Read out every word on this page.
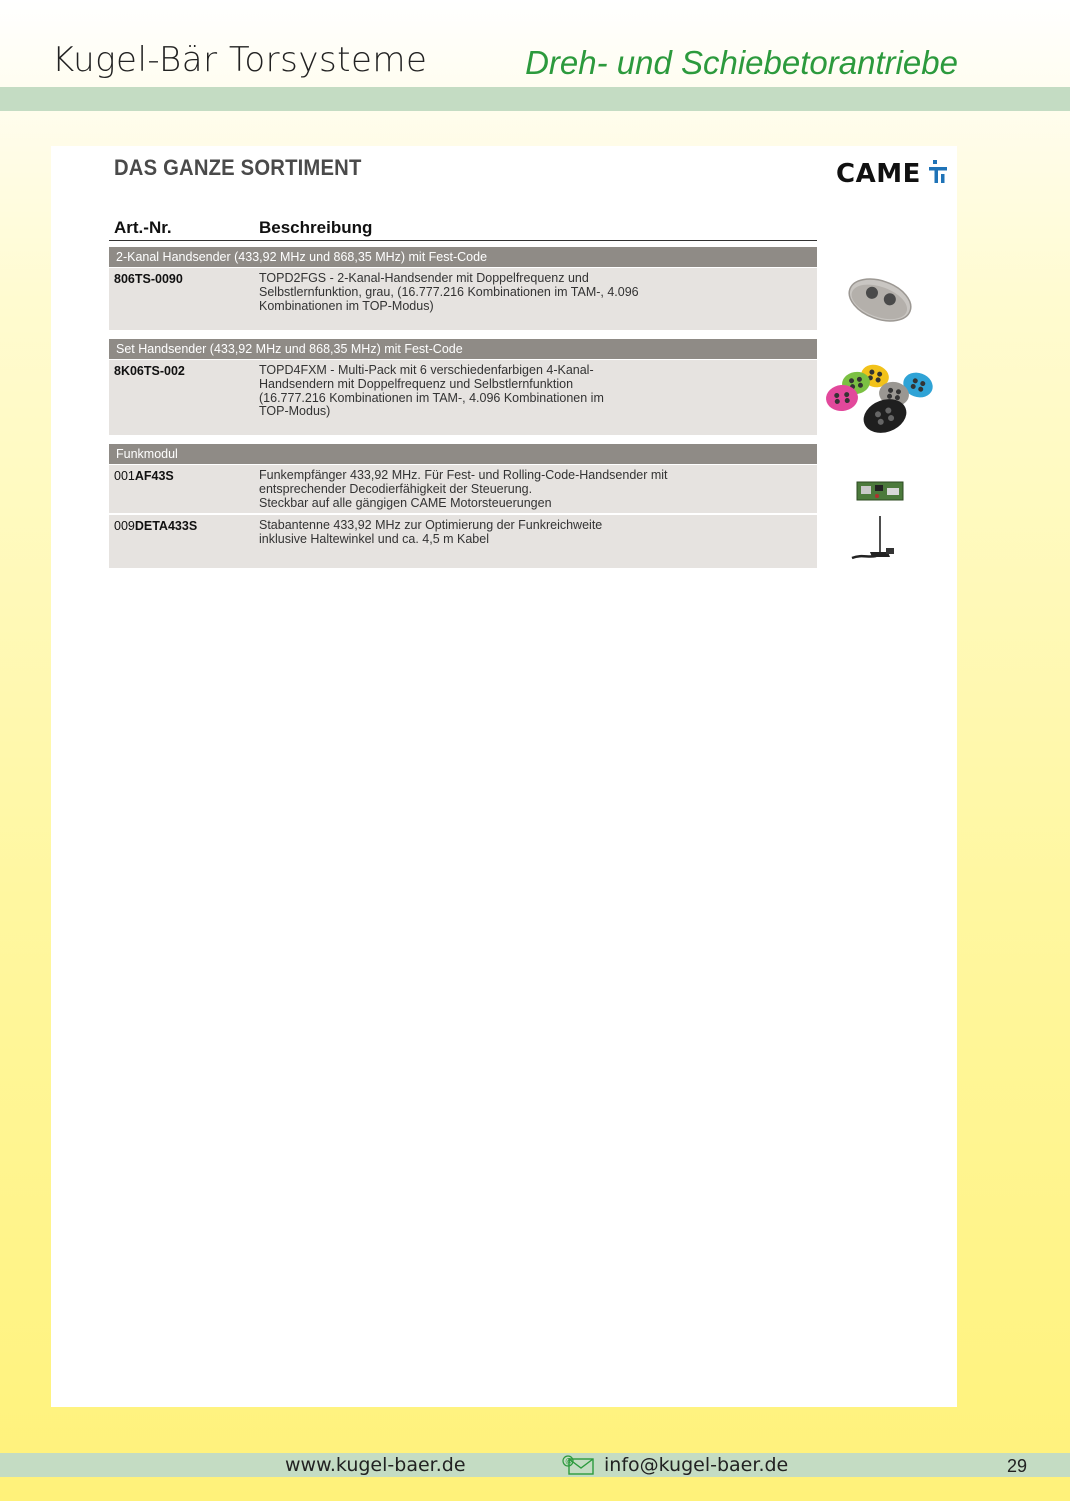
Kugel-Bär Torsysteme	Dreh- und Schiebetorantriebe
DAS GANZE SORTIMENT	CAME
Art.-Nr.	Beschreibung
2-Kanal Handsender (433,92 MHz und 868,35 MHz) mit Fest-Code
806TS-0090	TOPD2FGS - 2-Kanal-Handsender mit Doppelfrequenz und
Selbstlernfunktion, grau, (16.777.216 Kombinationen im TAM-, 4.096
Kombinationen im TOP-Modus)
Set Handsender (433,92 MHz und 868,35 MHz) mit Fest-Code
8K06TS-002	TOPD4FXM - Multi-Pack mit 6 verschiedenfarbigen 4-Kanal-
Handsendern mit Doppelfrequenz und Selbstlernfunktion
(16.777.216 Kombinationen im TAM-, 4.096 Kombinationen im
TOP-Modus)
Funkmodul
001AF43S	Funkempfänger 433,92 MHz. Für Fest- und Rolling-Code-Handsender mit
entsprechender Decodierfähigkeit der Steuerung.
Steckbar auf alle gängigen CAME Motorsteuerungen
009DETA433S	Stabantenne 433,92 MHz zur Optimierung der Funkreichweite
inklusive Haltewinkel und ca. 4,5 m Kabel
www.kugel-baer.de	@ info@kugel-baer.de	29
